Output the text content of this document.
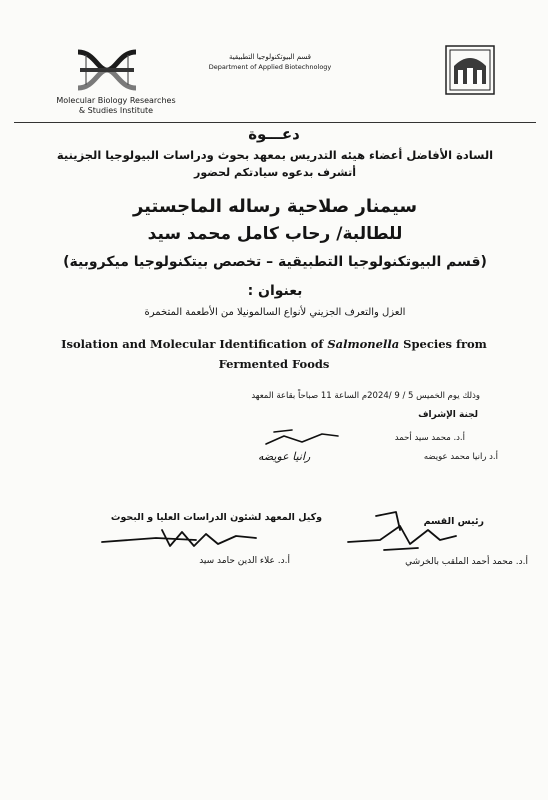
Molecular Biology Researches
& Studies Institute
قسم البيوتكنولوجيا التطبيقية
Department of Applied Biotechnology
دعـــوة
السادة الأفاضل أعضاء هيئه التدريس بمعهد بحوث ودراسات البيولوجيا الجزينية
أتشرف بدعوه سيادتكم لحضور
سيمنار صلاحية رساله الماجستير
للطالبة/ رحاب كامل محمد سيد
(قسم البيوتكنولوجيا التطبيقية – تخصص بيتكنولوجيا ميكروبية)
بعنوان :
العزل والتعرف الجزيني لأنواع السالمونيلا من الأطعمة المتخمرة
Isolation and Molecular Identification of Salmonella Species from Fermented Foods
وذلك يوم الخميس 5 / 9 /2024م الساعة 11 صباحاً بقاعة المعهد
لجنة الإشراف
أ.د. محمد سيد أحمد
أ.د رانيا محمد عويضه
رانيا عويضه
وكيل المعهد لشئون الدراسات العليا و البحوث
أ.د. علاء الدين حامد سيد
رئيس القسم
أ.د. محمد أحمد الملقب بالخرشي
